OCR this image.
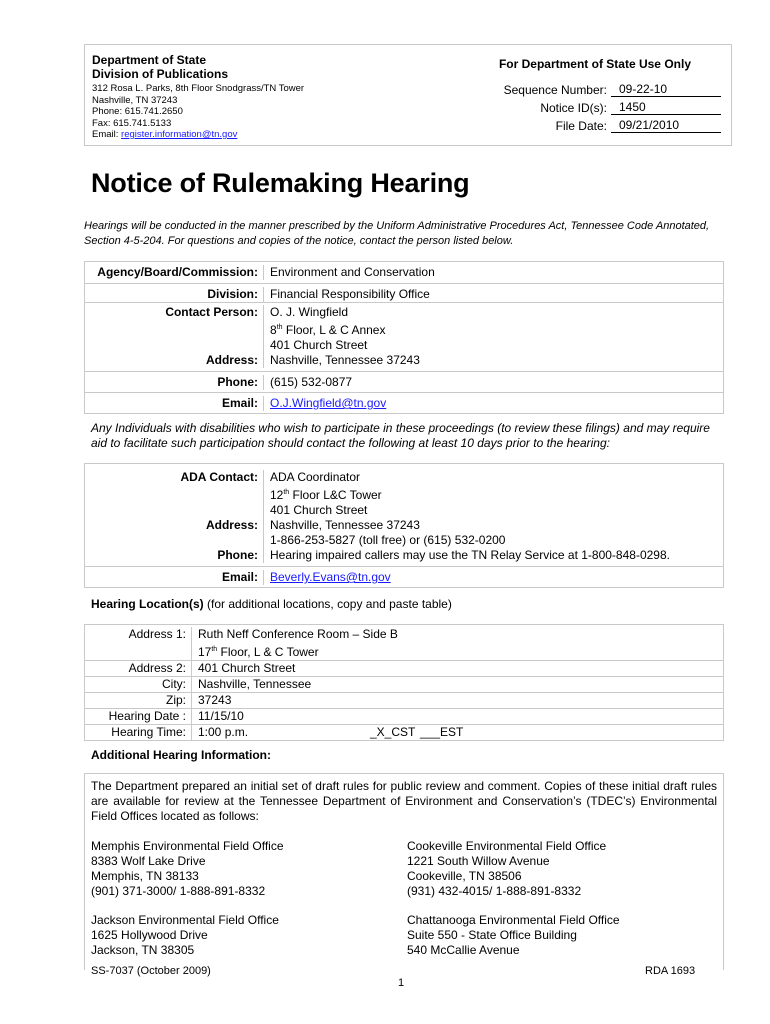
Department of State
Division of Publications
312 Rosa L. Parks, 8th Floor Snodgrass/TN Tower
Nashville, TN 37243
Phone: 615.741.2650
Fax: 615.741.5133
Email: register.information@tn.gov
For Department of State Use Only
Sequence Number:	09-22-10
Notice ID(s):	1450
File Date:	09/21/2010
Notice of Rulemaking Hearing
Hearings will be conducted in the manner prescribed by the Uniform Administrative Procedures Act, Tennessee Code Annotated, Section 4-5-204. For questions and copies of the notice, contact the person listed below.
Agency/Board/Commission:	Environment and Conservation
Division:	Financial Responsibility Office
Contact Person:	O. J. Wingfield
8th Floor, L & C Annex
401 Church Street
Address:	Nashville, Tennessee 37243
Phone:	(615) 532-0877
Email:	O.J.Wingfield@tn.gov
Any Individuals with disabilities who wish to participate in these proceedings (to review these filings) and may require aid to facilitate such participation should contact the following at least 10 days prior to the hearing:
ADA Contact:	ADA Coordinator
12th Floor L&C Tower
401 Church Street
Address:	Nashville, Tennessee 37243
1-866-253-5827 (toll free) or (615) 532-0200
Phone:	Hearing impaired callers may use the TN Relay Service at 1-800-848-0298.
Email:	Beverly.Evans@tn.gov
Hearing Location(s) (for additional locations, copy and paste table)
Address 1:	Ruth Neff Conference Room – Side B
17th Floor, L & C Tower
Address 2:	401 Church Street
City:	Nashville, Tennessee
Zip:	37243
Hearing Date :	11/15/10
Hearing Time:	1:00 p.m.	_X_CST ___EST
Additional Hearing Information:
The Department prepared an initial set of draft rules for public review and comment. Copies of these initial draft rules are available for review at the Tennessee Department of Environment and Conservation’s (TDEC’s) Environmental Field Offices located as follows:
Memphis Environmental Field Office
8383 Wolf Lake Drive
Memphis, TN 38133
(901) 371-3000/ 1-888-891-8332
Cookeville Environmental Field Office
1221 South Willow Avenue
Cookeville, TN 38506
(931) 432-4015/ 1-888-891-8332
Jackson Environmental Field Office
1625 Hollywood Drive
Jackson, TN 38305
Chattanooga Environmental Field Office
Suite 550 - State Office Building
540 McCallie Avenue
SS-7037 (October 2009)
1
RDA 1693
